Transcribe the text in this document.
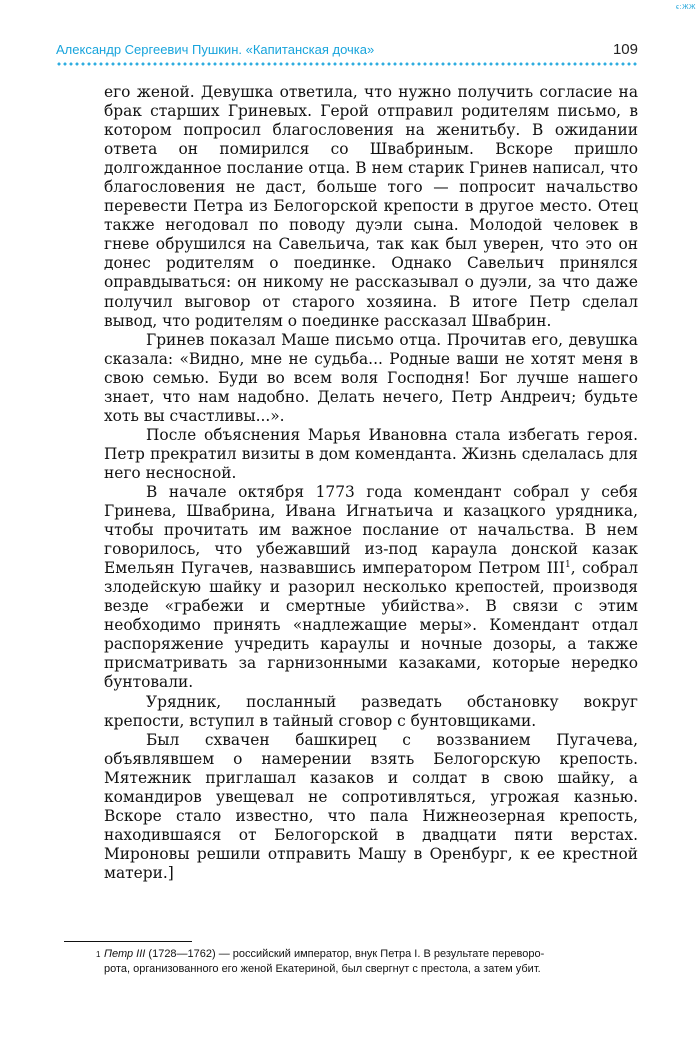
ϵ:ЖЖ
Александр Сергеевич Пушкин. «Капитанская дочка»	109

его женой. Девушка ответила, что нужно получить согласие на брак старших Гриневых. Герой отправил родителям письмо, в котором попросил благословения на женитьбу. В ожидании ответа он помирился со Швабриным. Вскоре пришло долгожданное послание отца. В нем старик Гринев написал, что благословения не даст, больше того — попросит начальство перевести Петра из Белогорской крепости в другое место. Отец также негодовал по поводу дуэли сына. Молодой человек в гневе обрушился на Савельича, так как был уверен, что это он донес родителям о поединке. Однако Савельич принялся оправдываться: он никому не рассказывал о дуэли, за что даже получил выговор от старого хозяина. В итоге Петр сделал вывод, что родителям о поединке рассказал Швабрин.

Гринев показал Маше письмо отца. Прочитав его, девушка сказала: «Видно, мне не судьба... Родные ваши не хотят меня в свою семью. Буди во всем воля Господня! Бог лучше нашего знает, что нам надобно. Делать нечего, Петр Андреич; будьте хоть вы счастливы...».

После объяснения Марья Ивановна стала избегать героя. Петр прекратил визиты в дом коменданта. Жизнь сделалась для него несносной.

В начале октября 1773 года комендант собрал у себя Гринева, Швабрина, Ивана Игнатьича и казацкого урядника, чтобы прочитать им важное послание от начальства. В нем говорилось, что убежавший из-под караула донской казак Емельян Пугачев, назвавшись императором Петром III$^1$, собрал злодейскую шайку и разорил несколько крепостей, производя везде «грабежи и смертные убийства». В связи с этим необходимо принять «надлежащие меры». Комендант отдал распоряжение учредить караулы и ночные дозоры, а также присматривать за гарнизонными казаками, которые нередко бунтовали.

Урядник, посланный разведать обстановку вокруг крепости, вступил в тайный сговор с бунтовщиками.

Был схвачен башкирец с воззванием Пугачева, объявлявшем о намерении взять Белогорскую крепость. Мятежник приглашал казаков и солдат в свою шайку, а командиров увещевал не сопротивляться, угрожая казнью. Вскоре стало известно, что пала Нижнеозерная крепость, находившаяся от Белогорской в двадцати пяти верстах. Мироновы решили отправить Машу в Оренбург, к ее крестной матери.]

1 Петр III (1728—1762) — российский император, внук Петра I. В результате переворо-
рота, организованного его женой Екатериной, был свергнут с престола, а затем убит.
